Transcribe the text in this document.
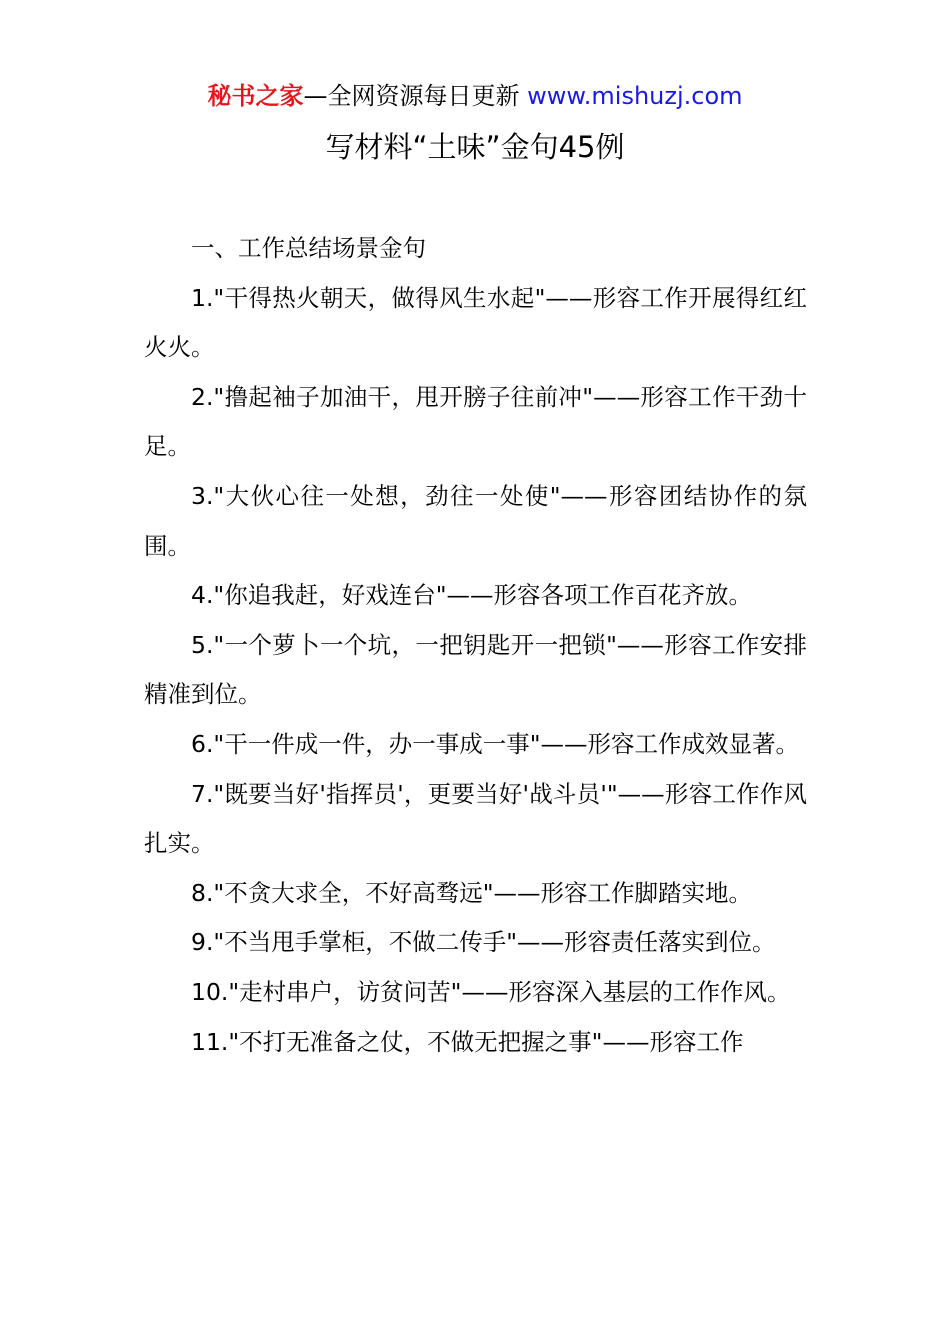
秘书之家—全网资源每日更新 www.mishuzj.com
写材料“土味”金句45例

一、工作总结场景金句

1."干得热火朝天，做得风生水起"——形容工作开展得红红火火。

2."撸起袖子加油干，甩开膀子往前冲"——形容工作干劲十足。

3."大伙心往一处想，劲往一处使"——形容团结协作的氛围。

4."你追我赶，好戏连台"——形容各项工作百花齐放。

5."一个萝卜一个坑，一把钥匙开一把锁"——形容工作安排精准到位。

6."干一件成一件，办一事成一事"——形容工作成效显著。

7."既要当好'指挥员'，更要当好'战斗员'"——形容工作作风扎实。

8."不贪大求全，不好高骛远"——形容工作脚踏实地。

9."不当甩手掌柜，不做二传手"——形容责任落实到位。

10."走村串户，访贫问苦"——形容深入基层的工作作风。

11."不打无准备之仗，不做无把握之事"——形容工作
